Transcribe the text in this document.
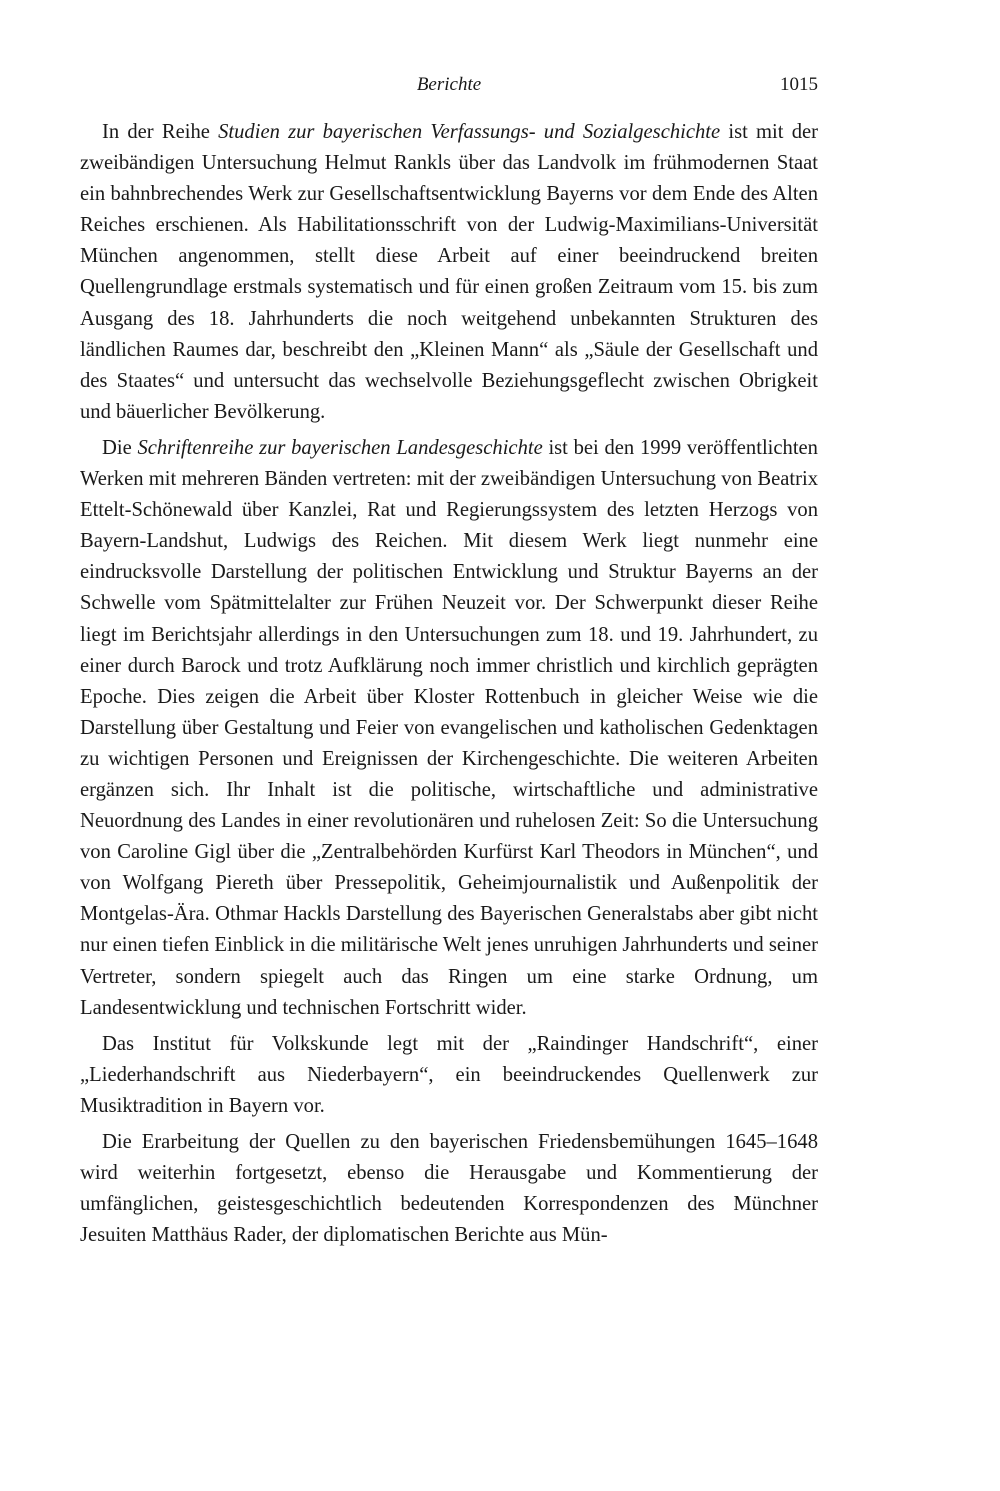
Berichte	1015

In der Reihe Studien zur bayerischen Verfassungs- und Sozialgeschichte ist mit der zweibändigen Untersuchung Helmut Rankls über das Landvolk im frühmodernen Staat ein bahnbrechendes Werk zur Gesellschaftsentwicklung Bayerns vor dem Ende des Alten Reiches erschienen. Als Habilitationsschrift von der Ludwig-Maximilians-Universität München angenommen, stellt diese Arbeit auf einer beeindruckend breiten Quellengrundlage erstmals systematisch und für einen großen Zeitraum vom 15. bis zum Ausgang des 18. Jahrhunderts die noch weitgehend unbekannten Strukturen des ländlichen Raumes dar, beschreibt den „Kleinen Mann“ als „Säule der Gesellschaft und des Staates“ und untersucht das wechselvolle Beziehungsgeflecht zwischen Obrigkeit und bäuerlicher Bevölkerung.

Die Schriftenreihe zur bayerischen Landesgeschichte ist bei den 1999 veröffentlichten Werken mit mehreren Bänden vertreten: mit der zweibändigen Untersuchung von Beatrix Ettelt-Schönewald über Kanzlei, Rat und Regierungssystem des letzten Herzogs von Bayern-Landshut, Ludwigs des Reichen. Mit diesem Werk liegt nunmehr eine eindrucksvolle Darstellung der politischen Entwicklung und Struktur Bayerns an der Schwelle vom Spätmittelalter zur Frühen Neuzeit vor. Der Schwerpunkt dieser Reihe liegt im Berichtsjahr allerdings in den Untersuchungen zum 18. und 19. Jahrhundert, zu einer durch Barock und trotz Aufklärung noch immer christlich und kirchlich geprägten Epoche. Dies zeigen die Arbeit über Kloster Rottenbuch in gleicher Weise wie die Darstellung über Gestaltung und Feier von evangelischen und katholischen Gedenktagen zu wichtigen Personen und Ereignissen der Kirchengeschichte. Die weiteren Arbeiten ergänzen sich. Ihr Inhalt ist die politische, wirtschaftliche und administrative Neuordnung des Landes in einer revolutionären und ruhelosen Zeit: So die Untersuchung von Caroline Gigl über die „Zentralbehörden Kurfürst Karl Theodors in München“, und von Wolfgang Piereth über Pressepolitik, Geheimjournalistik und Außenpolitik der Montgelas-Ära. Othmar Hackls Darstellung des Bayerischen Generalstabs aber gibt nicht nur einen tiefen Einblick in die militärische Welt jenes unruhigen Jahrhunderts und seiner Vertreter, sondern spiegelt auch das Ringen um eine starke Ordnung, um Landesentwicklung und technischen Fortschritt wider.

Das Institut für Volkskunde legt mit der „Raindinger Handschrift“, einer „Liederhandschrift aus Niederbayern“, ein beeindruckendes Quellenwerk zur Musiktradition in Bayern vor.

Die Erarbeitung der Quellen zu den bayerischen Friedensbemühungen 1645–1648 wird weiterhin fortgesetzt, ebenso die Herausgabe und Kommentierung der umfänglichen, geistesgeschichtlich bedeutenden Korrespondenzen des Münchner Jesuiten Matthäus Rader, der diplomatischen Berichte aus Mün-
